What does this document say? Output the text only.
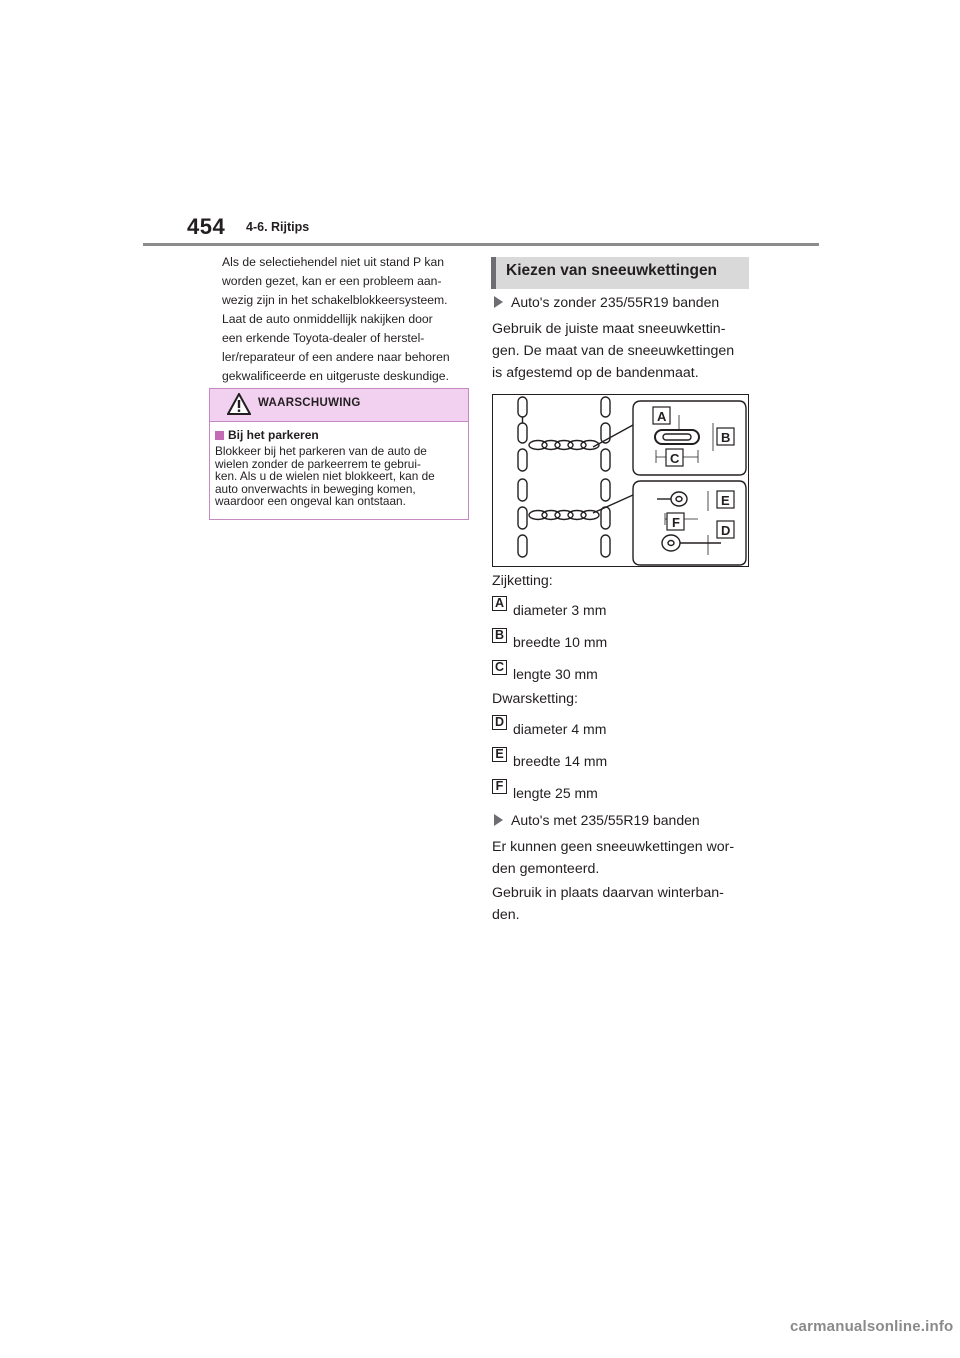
454 4-6. Rijtips
Als de selectiehendel niet uit stand P kan
worden gezet, kan er een probleem aan-
wezig zijn in het schakelblokkeersysteem.
Laat de auto onmiddellijk nakijken door
een erkende Toyota-dealer of herstel-
ler/reparateur of een andere naar behoren
gekwalificeerde en uitgeruste deskundige.
WAARSCHUWING
Bij het parkeren
Blokkeer bij het parkeren van de auto de
wielen zonder de parkeerrem te gebrui-
ken. Als u de wielen niet blokkeert, kan de
auto onverwachts in beweging komen,
waardoor een ongeval kan ontstaan.
Kiezen van sneeuwkettingen
Auto's zonder 235/55R19 banden
Gebruik de juiste maat sneeuwkettin-
gen. De maat van de sneeuwkettingen
is afgestemd op de bandenmaat.
A
B
C
E
F
D
Zijketting:
A diameter 3 mm
B breedte 10 mm
C lengte 30 mm
Dwarsketting:
D diameter 4 mm
E breedte 14 mm
F lengte 25 mm
Auto's met 235/55R19 banden
Er kunnen geen sneeuwkettingen wor-
den gemonteerd.
Gebruik in plaats daarvan winterban-
den.
carmanualsonline.info
